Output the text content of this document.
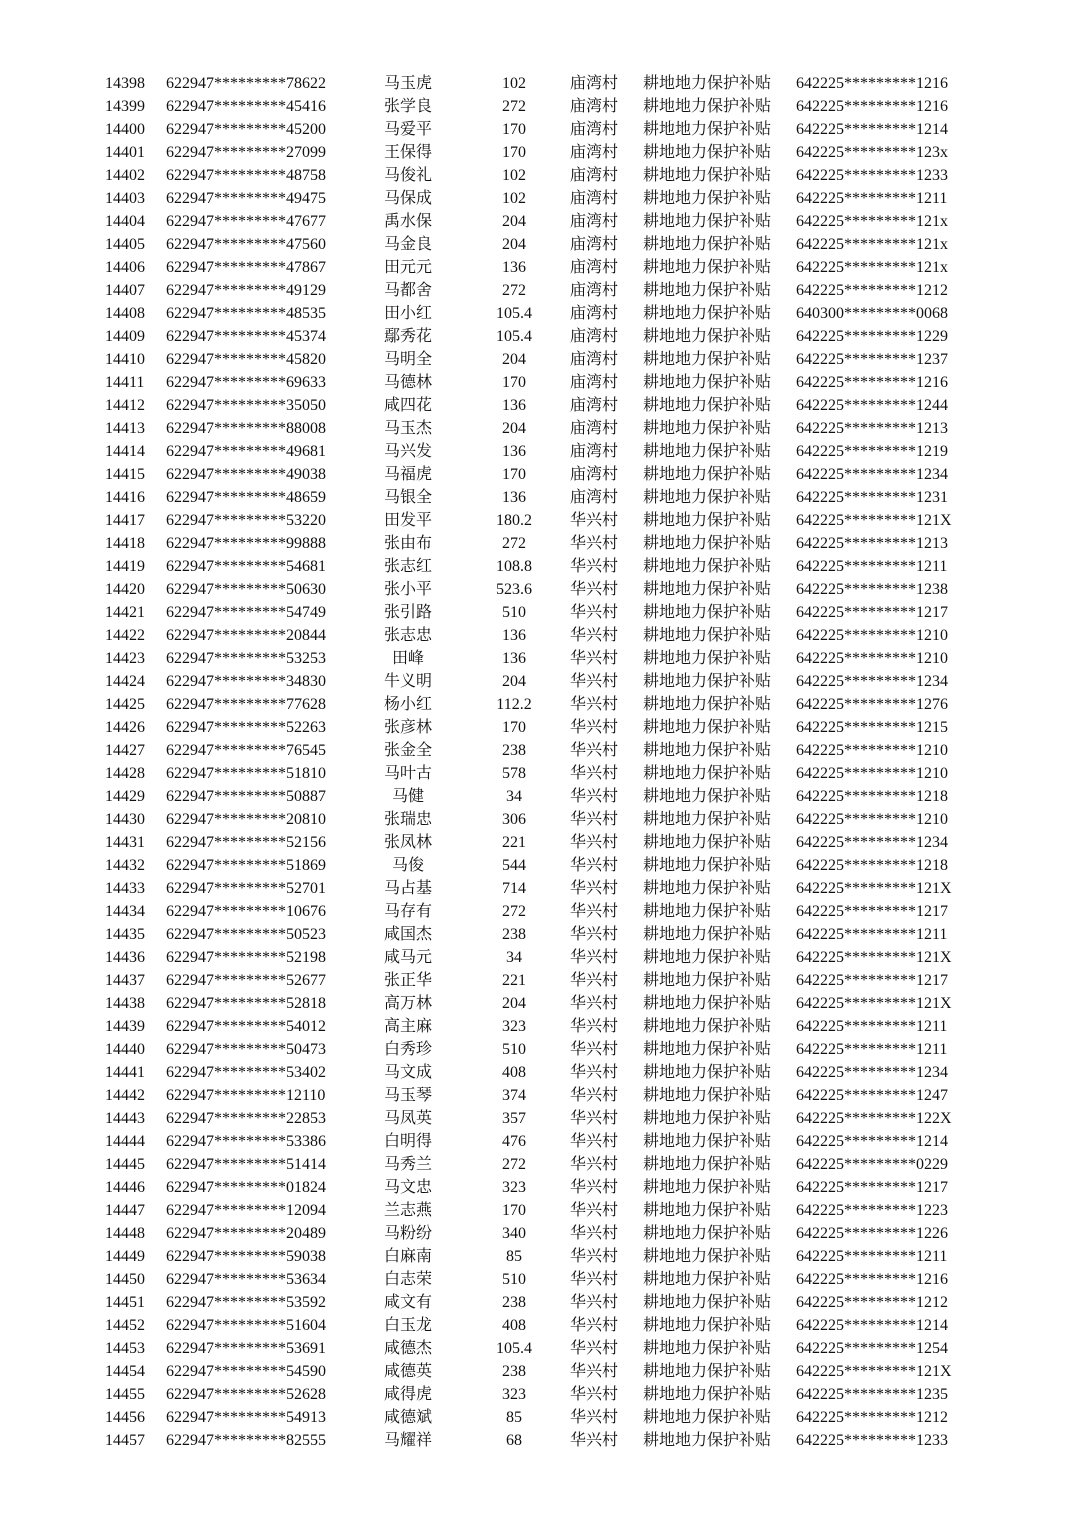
14398 622947*********78622	马玉虎	102	庙湾村 耕地地力保护补贴 642225*********1216
14399 622947*********45416	张学良	272	庙湾村 耕地地力保护补贴 642225*********1216
14400 622947*********45200	马爱平	170	庙湾村 耕地地力保护补贴 642225*********1214
14401 622947*********27099	王保得	170	庙湾村 耕地地力保护补贴 642225*********123x
14402 622947*********48758	马俊礼	102	庙湾村 耕地地力保护补贴 642225*********1233
14403 622947*********49475	马保成	102	庙湾村 耕地地力保护补贴 642225*********1211
14404 622947*********47677	禹水保	204	庙湾村 耕地地力保护补贴 642225*********121x
14405 622947*********47560	马金良	204	庙湾村 耕地地力保护补贴 642225*********121x
14406 622947*********47867	田元元	136	庙湾村 耕地地力保护补贴 642225*********121x
14407 622947*********49129	马都舍	272	庙湾村 耕地地力保护补贴 642225*********1212
14408 622947*********48535	田小红	105.4	庙湾村 耕地地力保护补贴 640300*********0068
14409 622947*********45374	鄢秀花	105.4	庙湾村 耕地地力保护补贴 642225*********1229
14410 622947*********45820	马明全	204	庙湾村 耕地地力保护补贴 642225*********1237
14411 622947*********69633	马德林	170	庙湾村 耕地地力保护补贴 642225*********1216
14412 622947*********35050	咸四花	136	庙湾村 耕地地力保护补贴 642225*********1244
14413 622947*********88008	马玉杰	204	庙湾村 耕地地力保护补贴 642225*********1213
14414 622947*********49681	马兴发	136	庙湾村 耕地地力保护补贴 642225*********1219
14415 622947*********49038	马福虎	170	庙湾村 耕地地力保护补贴 642225*********1234
14416 622947*********48659	马银全	136	庙湾村 耕地地力保护补贴 642225*********1231
14417 622947*********53220	田发平	180.2	华兴村 耕地地力保护补贴 642225*********121X
14418 622947*********99888	张由布	272	华兴村 耕地地力保护补贴 642225*********1213
14419 622947*********54681	张志红	108.8	华兴村 耕地地力保护补贴 642225*********1211
14420 622947*********50630	张小平	523.6	华兴村 耕地地力保护补贴 642225*********1238
14421 622947*********54749	张引路	510	华兴村 耕地地力保护补贴 642225*********1217
14422 622947*********20844	张志忠	136	华兴村 耕地地力保护补贴 642225*********1210
14423 622947*********53253	田峰	136	华兴村 耕地地力保护补贴 642225*********1210
14424 622947*********34830	牛义明	204	华兴村 耕地地力保护补贴 642225*********1234
14425 622947*********77628	杨小红	112.2	华兴村 耕地地力保护补贴 642225*********1276
14426 622947*********52263	张彦林	170	华兴村 耕地地力保护补贴 642225*********1215
14427 622947*********76545	张金全	238	华兴村 耕地地力保护补贴 642225*********1210
14428 622947*********51810	马叶古	578	华兴村 耕地地力保护补贴 642225*********1210
14429 622947*********50887	马健	34	华兴村 耕地地力保护补贴 642225*********1218
14430 622947*********20810	张瑞忠	306	华兴村 耕地地力保护补贴 642225*********1210
14431 622947*********52156	张凤林	221	华兴村 耕地地力保护补贴 642225*********1234
14432 622947*********51869	马俊	544	华兴村 耕地地力保护补贴 642225*********1218
14433 622947*********52701	马占基	714	华兴村 耕地地力保护补贴 642225*********121X
14434 622947*********10676	马存有	272	华兴村 耕地地力保护补贴 642225*********1217
14435 622947*********50523	咸国杰	238	华兴村 耕地地力保护补贴 642225*********1211
14436 622947*********52198	咸马元	34	华兴村 耕地地力保护补贴 642225*********121X
14437 622947*********52677	张正华	221	华兴村 耕地地力保护补贴 642225*********1217
14438 622947*********52818	高万林	204	华兴村 耕地地力保护补贴 642225*********121X
14439 622947*********54012	高主麻	323	华兴村 耕地地力保护补贴 642225*********1211
14440 622947*********50473	白秀珍	510	华兴村 耕地地力保护补贴 642225*********1211
14441 622947*********53402	马文成	408	华兴村 耕地地力保护补贴 642225*********1234
14442 622947*********12110	马玉琴	374	华兴村 耕地地力保护补贴 642225*********1247
14443 622947*********22853	马凤英	357	华兴村 耕地地力保护补贴 642225*********122X
14444 622947*********53386	白明得	476	华兴村 耕地地力保护补贴 642225*********1214
14445 622947*********51414	马秀兰	272	华兴村 耕地地力保护补贴 642225*********0229
14446 622947*********01824	马文忠	323	华兴村 耕地地力保护补贴 642225*********1217
14447 622947*********12094	兰志燕	170	华兴村 耕地地力保护补贴 642225*********1223
14448 622947*********20489	马粉纷	340	华兴村 耕地地力保护补贴 642225*********1226
14449 622947*********59038	白麻南	85	华兴村 耕地地力保护补贴 642225*********1211
14450 622947*********53634	白志荣	510	华兴村 耕地地力保护补贴 642225*********1216
14451 622947*********53592	咸文有	238	华兴村 耕地地力保护补贴 642225*********1212
14452 622947*********51604	白玉龙	408	华兴村 耕地地力保护补贴 642225*********1214
14453 622947*********53691	咸德杰	105.4	华兴村 耕地地力保护补贴 642225*********1254
14454 622947*********54590	咸德英	238	华兴村 耕地地力保护补贴 642225*********121X
14455 622947*********52628	咸得虎	323	华兴村 耕地地力保护补贴 642225*********1235
14456 622947*********54913	咸德斌	85	华兴村 耕地地力保护补贴 642225*********1212
14457 622947*********82555	马耀祥	68	华兴村 耕地地力保护补贴 642225*********1233
